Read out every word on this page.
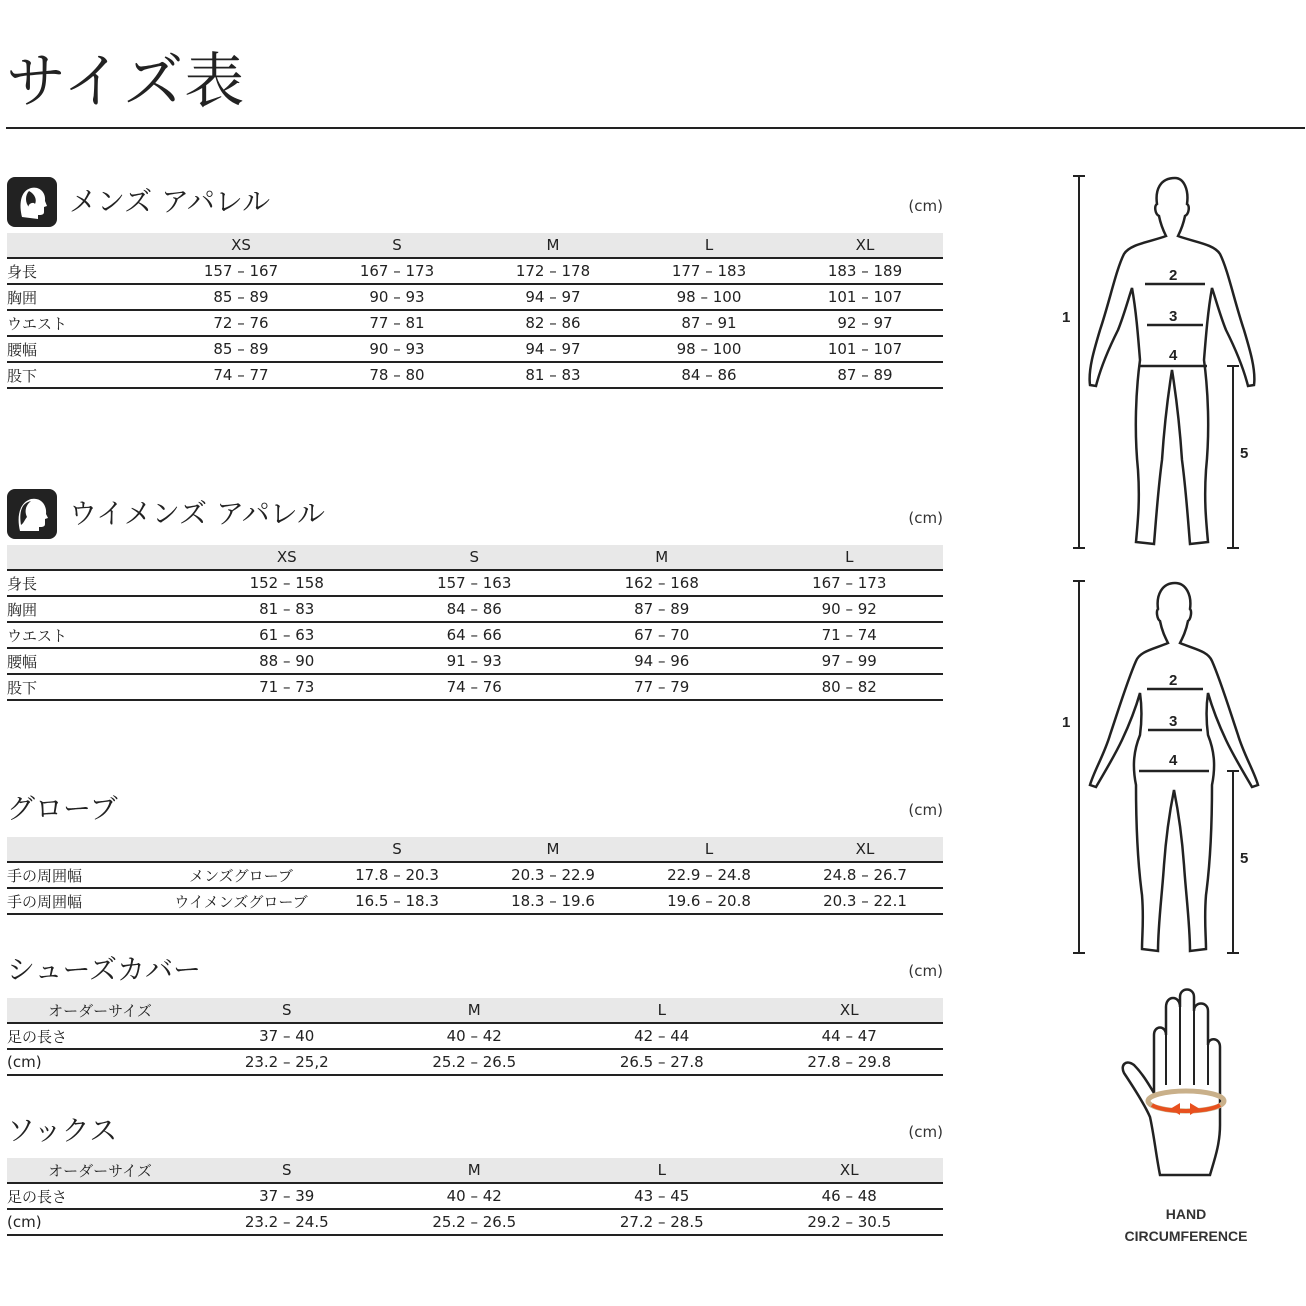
サイズ表
メンズ アパレル	(cm)
	XS	S	M	L	XL
身長	157 – 167	167 – 173	172 – 178	177 – 183	183 – 189
胸囲	85 – 89	90 – 93	94 – 97	98 – 100	101 – 107
ウエスト	72 – 76	77 – 81	82 – 86	87 – 91	92 – 97
腰幅	85 – 89	90 – 93	94 – 97	98 – 100	101 – 107
股下	74 – 77	78 – 80	81 – 83	84 – 86	87 – 89
ウイメンズ アパレル	(cm)
	XS	S	M	L
身長	152 – 158	157 – 163	162 – 168	167 – 173
胸囲	81 – 83	84 – 86	87 – 89	90 – 92
ウエスト	61 – 63	64 – 66	67 – 70	71 – 74
腰幅	88 – 90	91 – 93	94 – 96	97 – 99
股下	71 – 73	74 – 76	77 – 79	80 – 82
グローブ	(cm)
		S	M	L	XL
手の周囲幅	メンズグローブ	17.8 – 20.3	20.3 – 22.9	22.9 – 24.8	24.8 – 26.7
手の周囲幅	ウイメンズグローブ	16.5 – 18.3	18.3 – 19.6	19.6 – 20.8	20.3 – 22.1
シューズカバー	(cm)
オーダーサイズ	S	M	L	XL
足の長さ	37 – 40	40 – 42	42 – 44	44 – 47
(cm)	23.2 – 25,2	25.2 – 26.5	26.5 – 27.8	27.8 – 29.8
ソックス	(cm)
オーダーサイズ	S	M	L	XL
足の長さ	37 – 39	40 – 42	43 – 45	46 – 48
(cm)	23.2 – 24.5	25.2 – 26.5	27.2 – 28.5	29.2 – 30.5
1
2
3
4
5
1
2
3
4
5
HAND
CIRCUMFERENCE
